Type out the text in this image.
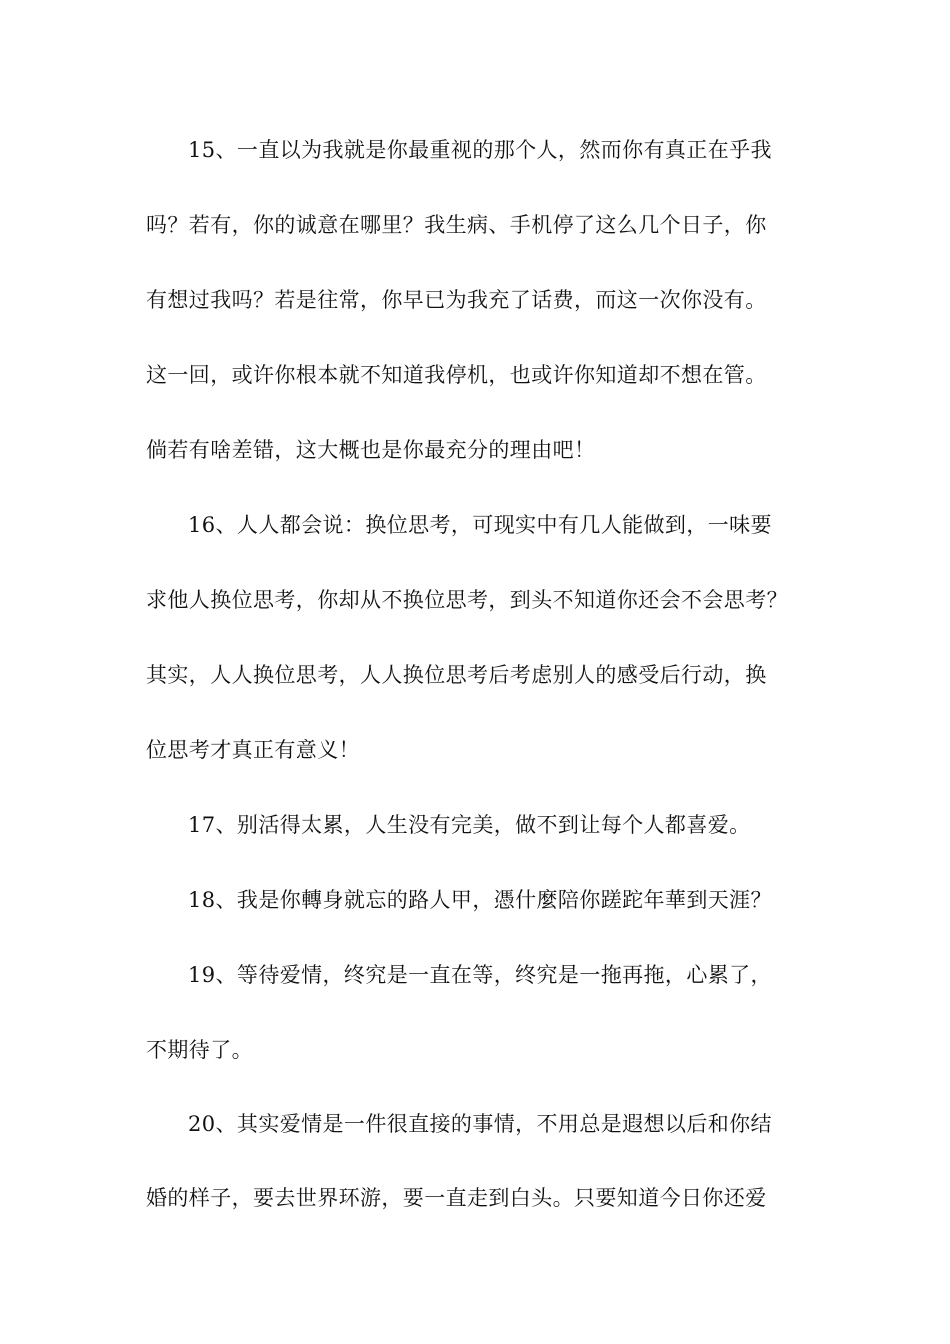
15、一直以为我就是你最重视的那个人，然而你有真正在乎我
吗？若有，你的诚意在哪里？我生病、手机停了这么几个日子，你
有想过我吗？若是往常，你早已为我充了话费，而这一次你没有。
这一回，或许你根本就不知道我停机，也或许你知道却不想在管。
倘若有啥差错，这大概也是你最充分的理由吧！
16、人人都会说：换位思考，可现实中有几人能做到，一味要
求他人换位思考，你却从不换位思考，到头不知道你还会不会思考？
其实，人人换位思考，人人换位思考后考虑别人的感受后行动，换
位思考才真正有意义！
17、别活得太累，人生没有完美，做不到让每个人都喜爱。
18、我是你轉身就忘的路人甲，憑什麼陪你蹉跎年華到天涯？
19、等待爱情，终究是一直在等，终究是一拖再拖，心累了，
不期待了。
20、其实爱情是一件很直接的事情，不用总是遐想以后和你结
婚的样子，要去世界环游，要一直走到白头。只要知道今日你还爱
